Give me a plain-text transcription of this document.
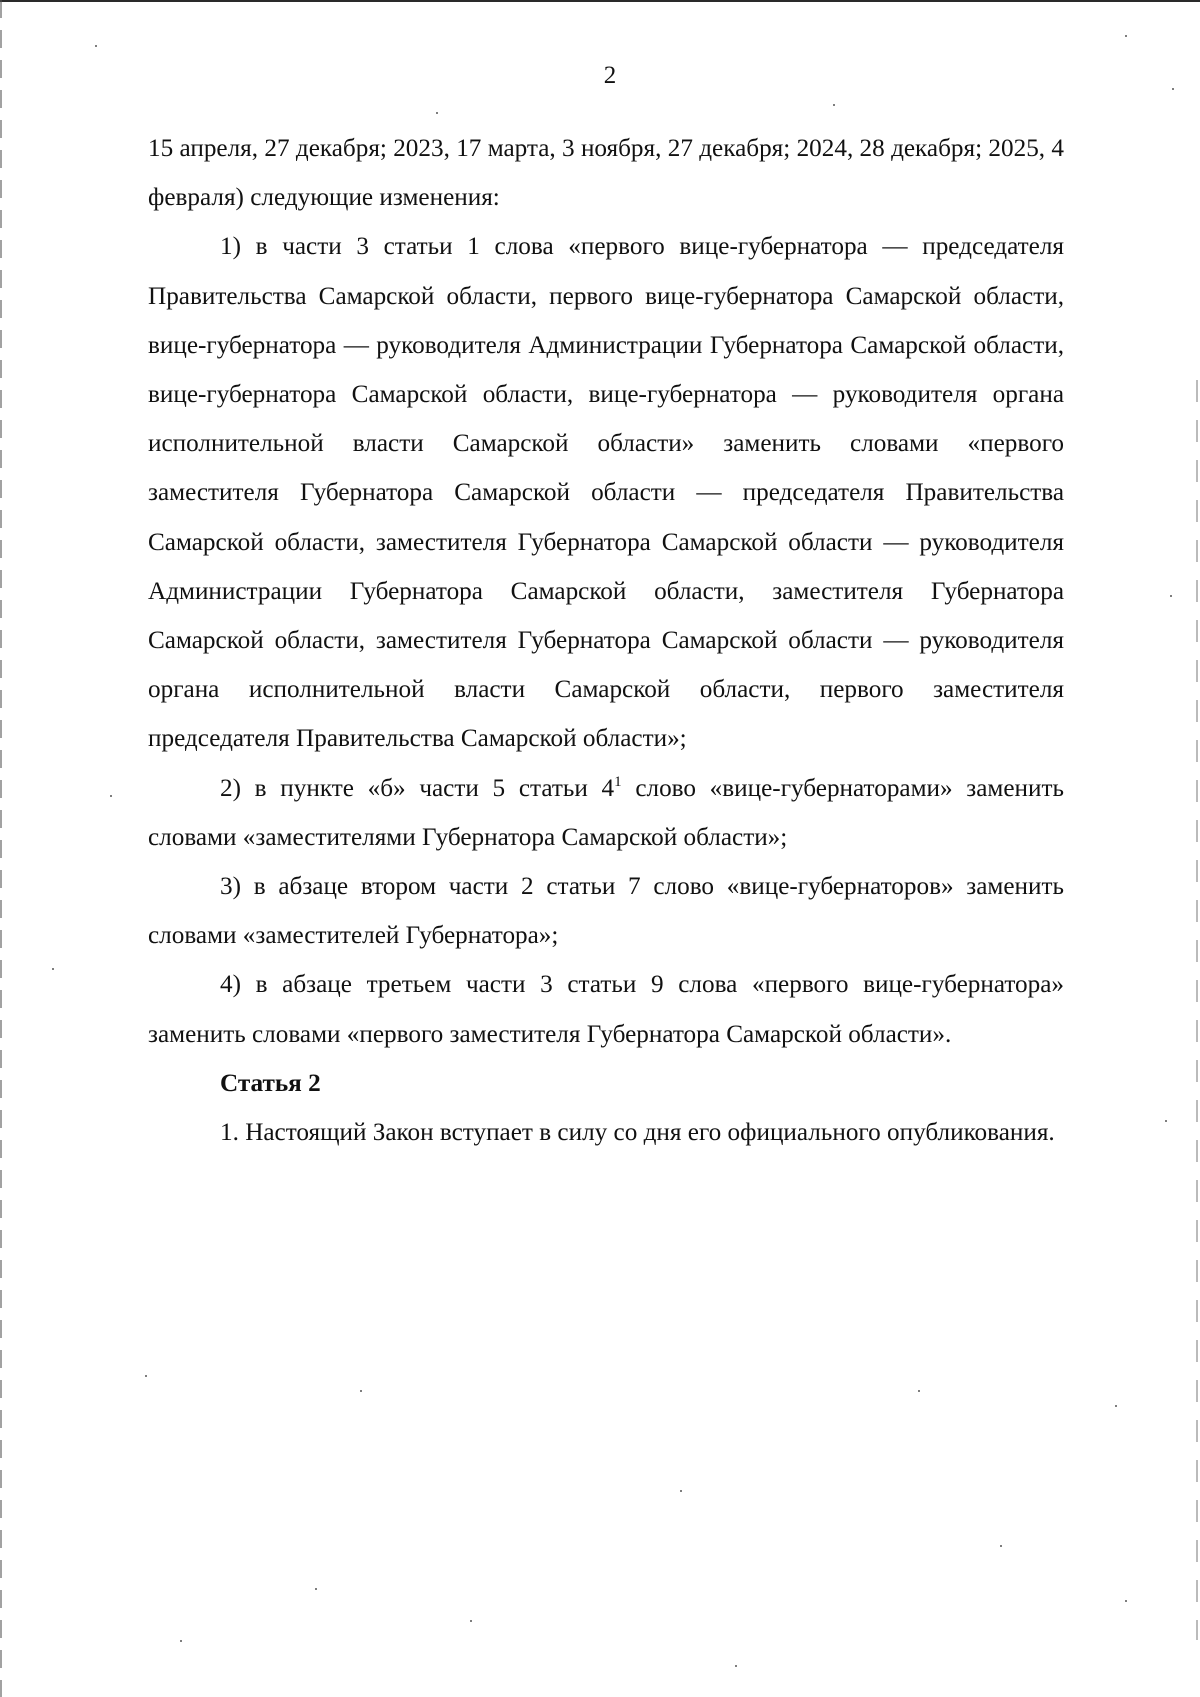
2

15 апреля, 27 декабря; 2023, 17 марта, 3 ноября, 27 декабря; 2024, 28 декабря; 2025, 4 февраля) следующие изменения:

1) в части 3 статьи 1 слова «первого вице-губернатора — председателя Правительства Самарской области, первого вице-губернатора Самарской области, вице-губернатора — руководителя Администрации Губернатора Самарской области, вице-губернатора Самарской области, вице-губернатора — руководителя органа исполнительной власти Самарской области» заменить словами «первого заместителя Губернатора Самарской области — председателя Правительства Самарской области, заместителя Губернатора Самарской области — руководителя Администрации Губернатора Самарской области, заместителя Губернатора Самарской области, заместителя Губернатора Самарской области — руководителя органа исполнительной власти Самарской области, первого заместителя председателя Правительства Самарской области»;

2) в пункте «б» части 5 статьи $4^1$ слово «вице-губернаторами» заменить словами «заместителями Губернатора Самарской области»;

3) в абзаце втором части 2 статьи 7 слово «вице-губернаторов» заменить словами «заместителей Губернатора»;

4) в абзаце третьем части 3 статьи 9 слова «первого вице-губернатора» заменить словами «первого заместителя Губернатора Самарской области».

Статья 2

1. Настоящий Закон вступает в силу со дня его официального опубликования.
